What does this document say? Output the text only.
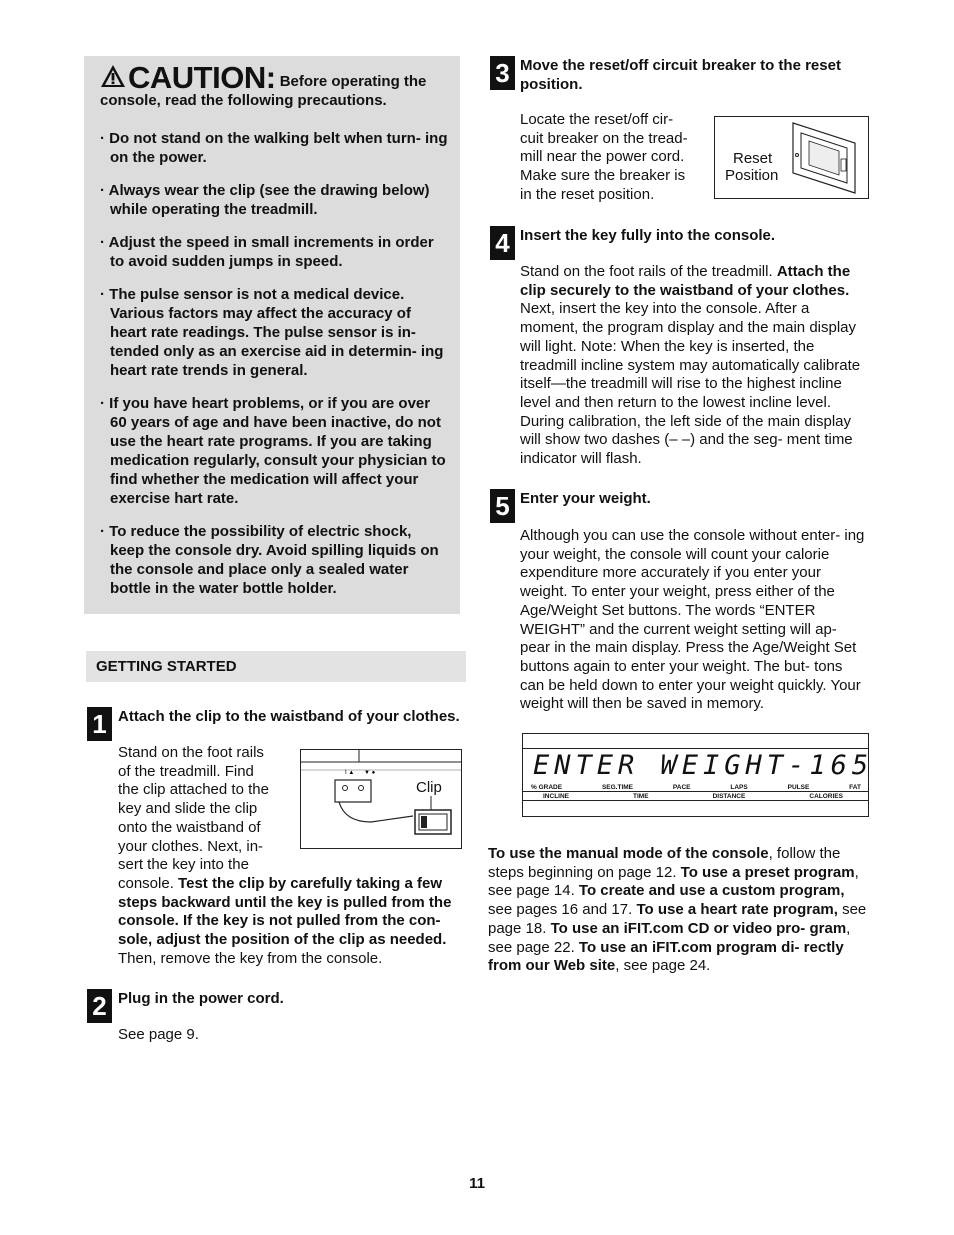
CAUTION: Before operating the
console, read the following precautions.
· Do not stand on the walking belt when turn- ing on the power.
· Always wear the clip (see the drawing below) while operating the treadmill.
· Adjust the speed in small increments in order to avoid sudden jumps in speed.
· The pulse sensor is not a medical device. Various factors may affect the accuracy of heart rate readings. The pulse sensor is in- tended only as an exercise aid in determin- ing heart rate trends in general.
· If you have heart problems, or if you are over 60 years of age and have been inactive, do not use the heart rate programs. If you are taking medication regularly, consult your physician to find whether the medication will affect your exercise hart rate.
· To reduce the possibility of electric shock, keep the console dry. Avoid spilling liquids on the console and place only a sealed water bottle in the water bottle holder.
GETTING STARTED
1 Attach the clip to the waistband of your clothes.
Stand on the foot rails of the treadmill. Find the clip attached to the key and slide the clip onto the waistband of your clothes. Next, in- sert the key into the
I ▲ ▼ ●
Clip
console. Test the clip by carefully taking a few steps backward until the key is pulled from the console. If the key is not pulled from the con- sole, adjust the position of the clip as needed. Then, remove the key from the console.
2 Plug in the power cord.
See page 9.
3 Move the reset/off circuit breaker to the reset position.
Locate the reset/off cir- cuit breaker on the tread- mill near the power cord. Make sure the breaker is in the reset position.
Reset
Position
4 Insert the key fully into the console.
Stand on the foot rails of the treadmill. Attach the clip securely to the waistband of your clothes. Next, insert the key into the console. After a moment, the program display and the main display will light. Note: When the key is inserted, the treadmill incline system may automatically calibrate itself—the treadmill will rise to the highest incline level and then return to the lowest incline level. During calibration, the left side of the main display will show two dashes (– –) and the seg- ment time indicator will flash.
5 Enter your weight.
Although you can use the console without enter- ing your weight, the console will count your calorie expenditure more accurately if you enter your weight. To enter your weight, press either of the Age/Weight Set buttons. The words “ENTER WEIGHT” and the current weight setting will ap- pear in the main display. Press the Age/Weight Set buttons again to enter your weight. The but- tons can be held down to enter your weight quickly. Your weight will then be saved in memory.
ENTER WEIGHT-165
% GRADE	SEG.TIME	PACE	LAPS	PULSE	FAT
INCLINE	TIME	DISTANCE	CALORIES
To use the manual mode of the console, follow the steps beginning on page 12. To use a preset program, see page 14. To create and use a custom program, see pages 16 and 17. To use a heart rate program, see page 18. To use an iFIT.com CD or video pro- gram, see page 22. To use an iFIT.com program di- rectly from our Web site, see page 24.
11
